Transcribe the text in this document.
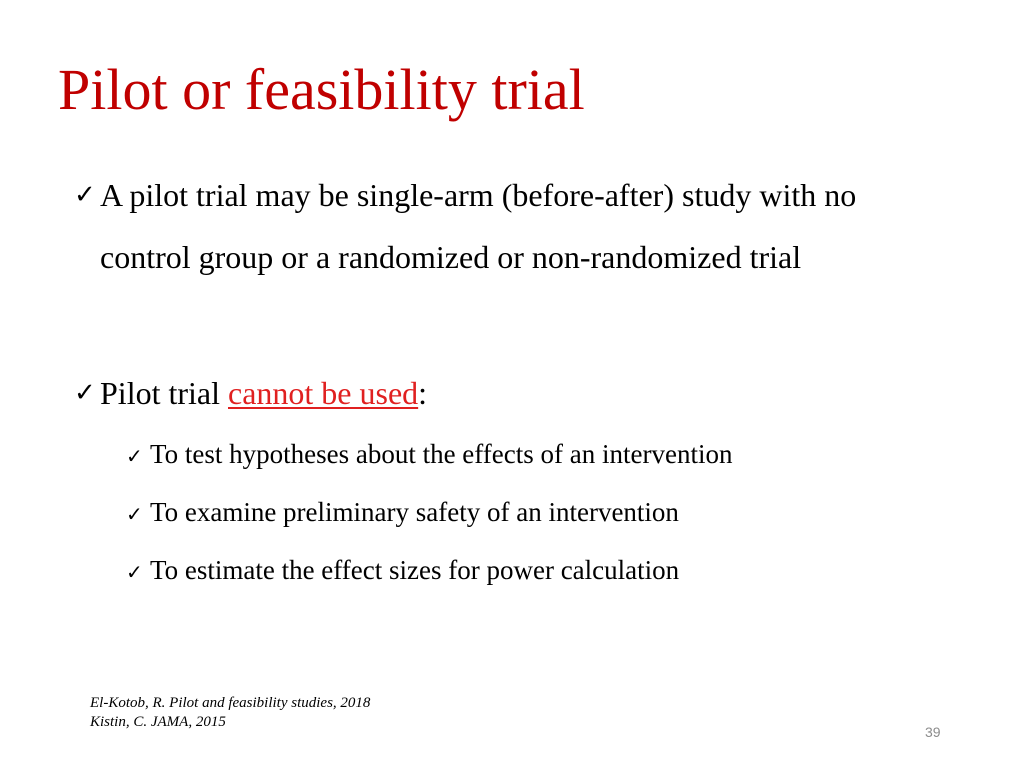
Pilot or feasibility trial
✓ A pilot trial may be single-arm (before-after) study with no control group or a randomized or non-randomized trial
✓ Pilot trial cannot be used:
✓ To test hypotheses about the effects of an intervention
✓ To examine preliminary safety of an intervention
✓ To estimate the effect sizes for power calculation
El-Kotob, R. Pilot and feasibility studies, 2018
Kistin, C. JAMA, 2015
39
